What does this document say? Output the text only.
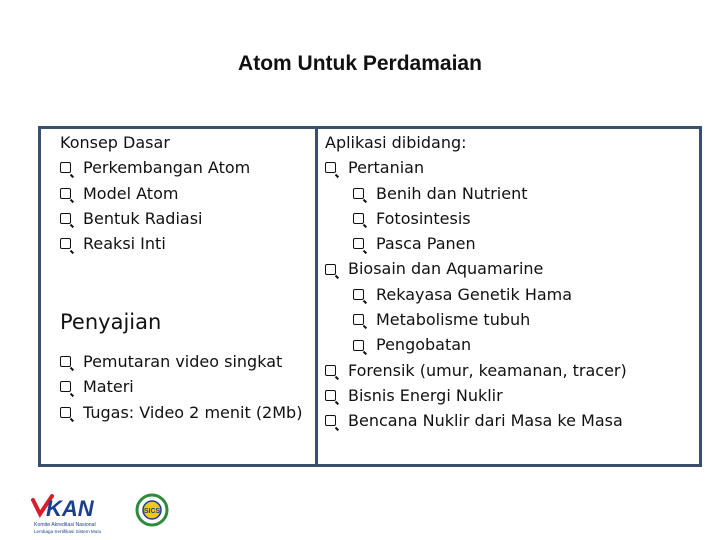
Atom Untuk Perdamaian
Konsep Dasar
Perkembangan Atom
Model Atom
Bentuk Radiasi
Reaksi Inti
Penyajian
Pemutaran video singkat
Materi
Tugas: Video 2 menit (2Mb)
Aplikasi dibidang:
Pertanian
Benih dan Nutrient
Fotosintesis
Pasca Panen
Biosain dan Aquamarine
Rekayasa Genetik Hama
Metabolisme tubuh
Pengobatan
Forensik (umur, keamanan, tracer)
Bisnis Energi Nuklir
Bencana Nuklir dari Masa ke Masa
KAN
Komite Akreditasi Nasional
Lembaga Sertifikasi Sistem Mutu
SICS
